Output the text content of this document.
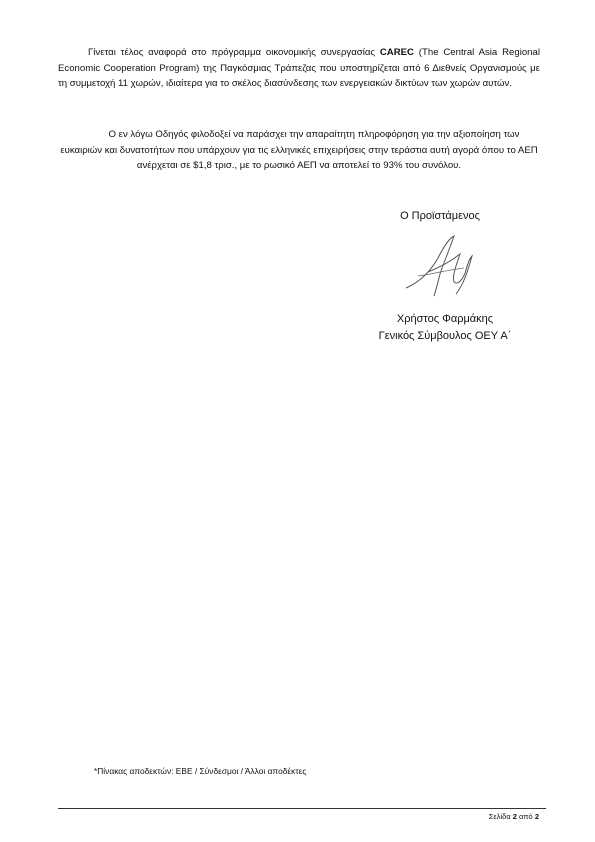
Γίνεται τέλος αναφορά στο πρόγραμμα οικονομικής συνεργασίας CAREC (The Central Asia Regional Economic Cooperation Program) της Παγκόσμιας Τράπεζας που υποστηρίζεται από 6 Διεθνείς Οργανισμούς με τη συμμετοχή 11 χωρών, ιδιαίτερα για το σκέλος διασύνδεσης των ενεργειακών δικτύων των χωρών αυτών.
Ο εν λόγω Οδηγός φιλοδοξεί να παράσχει την απαραίτητη πληροφόρηση για την αξιοποίηση των ευκαιριών και δυνατοτήτων που υπάρχουν για τις ελληνικές επιχειρήσεις στην τεράστια αυτή αγορά όπου το ΑΕΠ ανέρχεται σε $1,8 τρισ., με το ρωσικό ΑΕΠ να αποτελεί το 93% του συνόλου.
Ο Προϊστάμενος
Χρήστος Φαρμάκης
Γενικός Σύμβουλος ΟΕΥ Α΄
*Πίνακας αποδεκτών: ΕΒΕ / Σύνδεσμοι / Άλλοι αποδέκτες
Σελίδα 2 από 2
